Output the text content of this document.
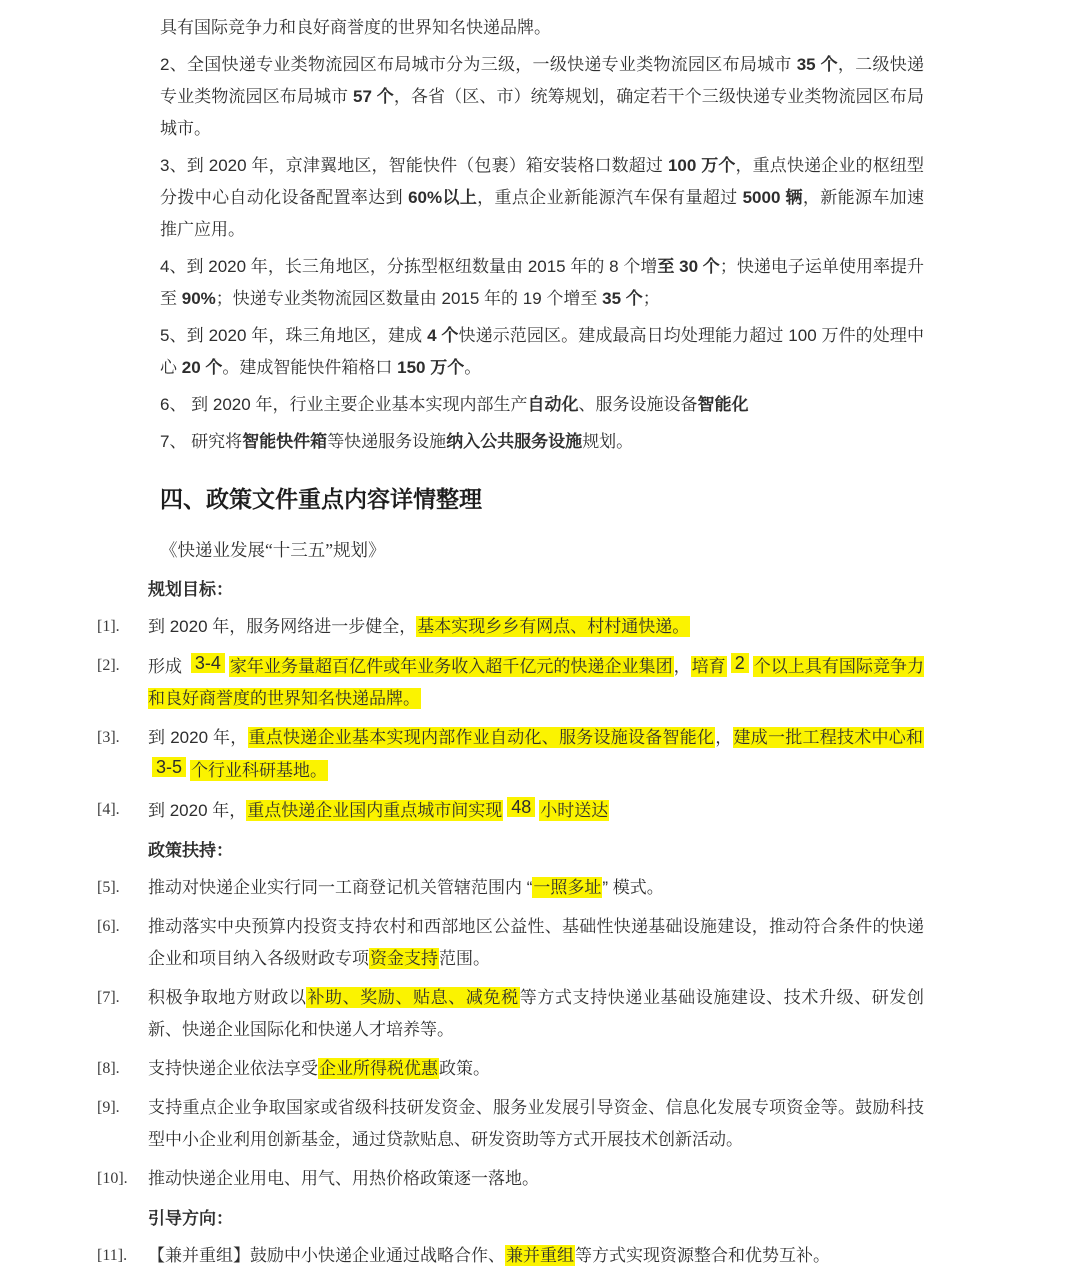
具有国际竞争力和良好商誉度的世界知名快递品牌。

2、全国快递专业类物流园区布局城市分为三级，一级快递专业类物流园区布局城市 35 个，二级快递专业类物流园区布局城市 57 个，各省（区、市）统筹规划，确定若干个三级快递专业类物流园区布局城市。

3、到 2020 年，京津翼地区，智能快件（包裹）箱安装格口数超过 100 万个，重点快递企业的枢纽型分拨中心自动化设备配置率达到 60%以上，重点企业新能源汽车保有量超过 5000 辆，新能源车加速推广应用。

4、到 2020 年，长三角地区，分拣型枢纽数量由 2015 年的 8 个增至 30 个；快递电子运单使用率提升至 90%；快递专业类物流园区数量由 2015 年的 19 个增至 35 个；

5、到 2020 年，珠三角地区，建成 4 个快递示范园区。建成最高日均处理能力超过 100 万件的处理中心 20 个。建成智能快件箱格口 150 万个。

6、 到 2020 年，行业主要企业基本实现内部生产自动化、服务设施设备智能化

7、 研究将智能快件箱等快递服务设施纳入公共服务设施规划。

四、政策文件重点内容详情整理

《快递业发展“十三五”规划》

规划目标：

[1].	到 2020 年，服务网络进一步健全，基本实现乡乡有网点、村村通快递。
[2].	形成 3-4 家年业务量超百亿件或年业务收入超千亿元的快递企业集团，培育 2 个以上具有国际竞争力和良好商誉度的世界知名快递品牌。
[3].	到 2020 年，重点快递企业基本实现内部作业自动化、服务设施设备智能化，建成一批工程技术中心和3-5 个行业科研基地。
[4].	到 2020 年，重点快递企业国内重点城市间实现 48 小时送达

政策扶持：

[5].	推动对快递企业实行同一工商登记机关管辖范围内 “一照多址” 模式。
[6].	推动落实中央预算内投资支持农村和西部地区公益性、基础性快递基础设施建设，推动符合条件的快递企业和项目纳入各级财政专项资金支持范围。
[7].	积极争取地方财政以补助、奖励、贴息、减免税等方式支持快递业基础设施建设、技术升级、研发创新、快递企业国际化和快递人才培养等。
[8].	支持快递企业依法享受企业所得税优惠政策。
[9].	支持重点企业争取国家或省级科技研发资金、服务业发展引导资金、信息化发展专项资金等。鼓励科技型中小企业利用创新基金，通过贷款贴息、研发资助等方式开展技术创新活动。
[10].	推动快递企业用电、用气、用热价格政策逐一落地。

引导方向：

[11].	【兼并重组】鼓励中小快递企业通过战略合作、兼并重组等方式实现资源整合和优势互补。
